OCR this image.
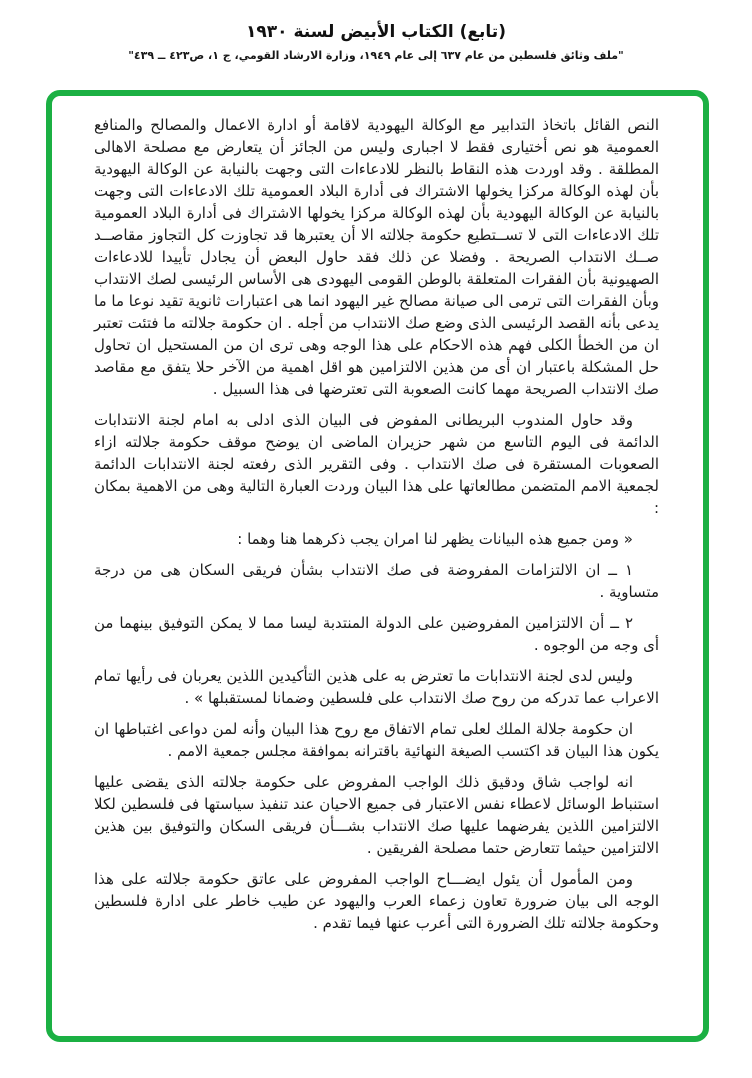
(تابع) الكتاب الأبيض لسنة ١٩٣٠
"ملف وثائق فلسطين من عام ٦٣٧ إلى عام ١٩٤٩، وزارة الارشاد القومي، ج ١، ص٤٢٣ ــ ٤٣٩"

النص القائل باتخاذ التدابير مع الوكالة اليهودية لاقامة أو ادارة الاعمال والمصالح والمنافع العمومية هو نص أختيارى فقط لا اجبارى وليس من الجائز أن يتعارض مع مصلحة الاهالى المطلقة . وقد اوردت هذه النقاط بالنظر للادعاءات التى وجهت بالنيابة عن الوكالة اليهودية بأن لهذه الوكالة مركزا يخولها الاشتراك فى أدارة البلاد العمومية تلك الادعاءات التى وجهت بالنيابة عن الوكالة اليهودية بأن لهذه الوكالة مركزا يخولها الاشتراك فى أدارة البلاد العمومية تلك الادعاءات التى لا تســتطيع حكومة جلالته الا أن يعتبرها قد تجاوزت كل التجاوز مقاصــد صــك الانتداب الصريحة . وفضلا عن ذلك فقد حاول البعض أن يجادل تأييدا للادعاءات الصهيونية بأن الفقرات المتعلقة بالوطن القومى اليهودى هى الأساس الرئيسى لصك الانتداب وبأن الفقرات التى ترمى الى صيانة مصالح غير اليهود انما هى اعتبارات ثانوية تقيد نوعا ما ما يدعى بأنه القصد الرئيسى الذى وضع صك الانتداب من أجله . ان حكومة جلالته ما فتئت تعتبر ان من الخطأ الكلى فهم هذه الاحكام على هذا الوجه وهى ترى ان من المستحيل ان تحاول حل المشكلة باعتبار ان أى من هذين الالتزامين هو اقل اهمية من الآخر حلا يتفق مع مقاصد صك الانتداب الصريحة مهما كانت الصعوبة التى تعترضها فى هذا السبيل .

وقد حاول المندوب البريطانى المفوض فى البيان الذى ادلى به امام لجنة الانتدابات الدائمة فى اليوم التاسع من شهر حزيران الماضى ان يوضح موقف حكومة جلالته ازاء الصعوبات المستقرة فى صك الانتداب . وفى التقرير الذى رفعته لجنة الانتدابات الدائمة لجمعية الامم المتضمن مطالعاتها على هذا البيان وردت العبارة التالية وهى من الاهمية بمكان :

« ومن جميع هذه البيانات يظهر لنا امران يجب ذكرهما هنا وهما :

١ ــ ان الالتزامات المفروضة فى صك الانتداب بشأن فريقى السكان هى من درجة متساوية .

٢ ــ أن الالتزامين المفروضين على الدولة المنتدبة ليسا مما لا يمكن التوفيق بينهما من أى وجه من الوجوه .

وليس لدى لجنة الانتدابات ما تعترض به على هذين التأكيدين اللذين يعربان فى رأيها تمام الاعراب عما تدركه من روح صك الانتداب على فلسطين وضمانا لمستقبلها » .

ان حكومة جلالة الملك لعلى تمام الاتفاق مع روح هذا البيان وأنه لمن دواعى اغتباطها ان يكون هذا البيان قد اكتسب الصيغة النهائية باقترانه بموافقة مجلس جمعية الامم .

انه لواجب شاق ودقيق ذلك الواجب المفروض على حكومة جلالته الذى يقضى عليها استنباط الوسائل لاعطاء نفس الاعتبار فى جميع الاحيان عند تنفيذ سياستها فى فلسطين لكلا الالتزامين اللذين يفرضهما عليها صك الانتداب بشـــأن فريقى السكان والتوفيق بين هذين الالتزامين حيثما تتعارض حتما مصلحة الفريقين .

ومن المأمول أن يئول ايضـــاح الواجب المفروض على عاتق حكومة جلالته على هذا الوجه الى بيان ضرورة تعاون زعماء العرب واليهود عن طيب خاطر على ادارة فلسطين وحكومة جلالته تلك الضرورة التى أعرب عنها فيما تقدم .
